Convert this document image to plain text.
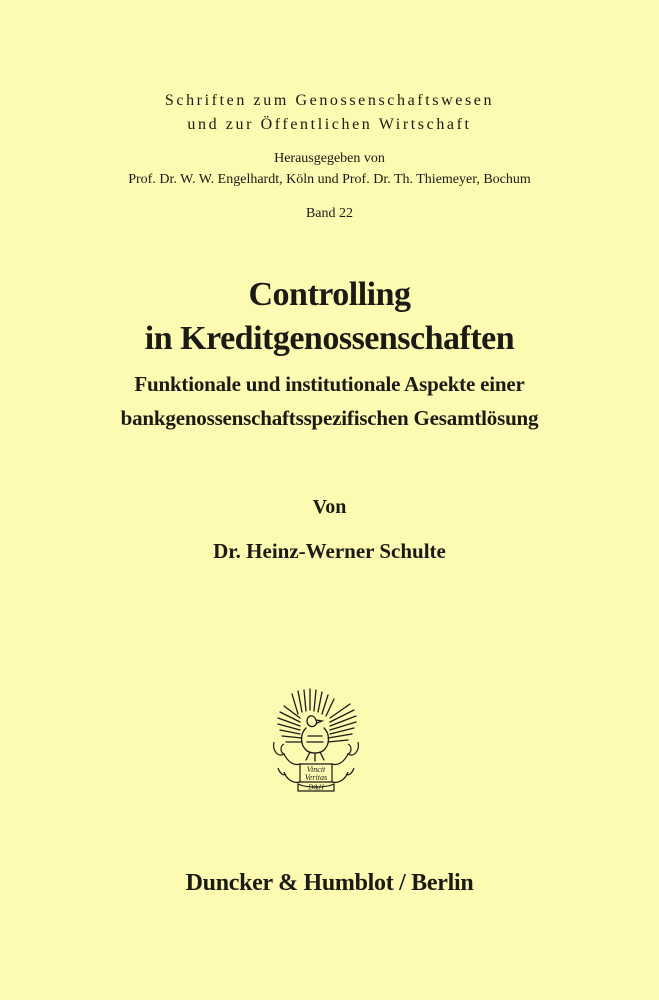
Schriften zum Genossenschaftswesen

und zur Öffentlichen Wirtschaft

Herausgegeben von

Prof. Dr. W. W. Engelhardt, Köln und Prof. Dr. Th. Thiemeyer, Bochum

Band 22

Controlling

in Kreditgenossenschaften

Funktionale und institutionale Aspekte einer

bankgenossenschaftsspezifischen Gesamtlösung

Von

Dr. Heinz-Werner Schulte

Vincit
Veritas
D&H

Duncker & Humblot / Berlin
